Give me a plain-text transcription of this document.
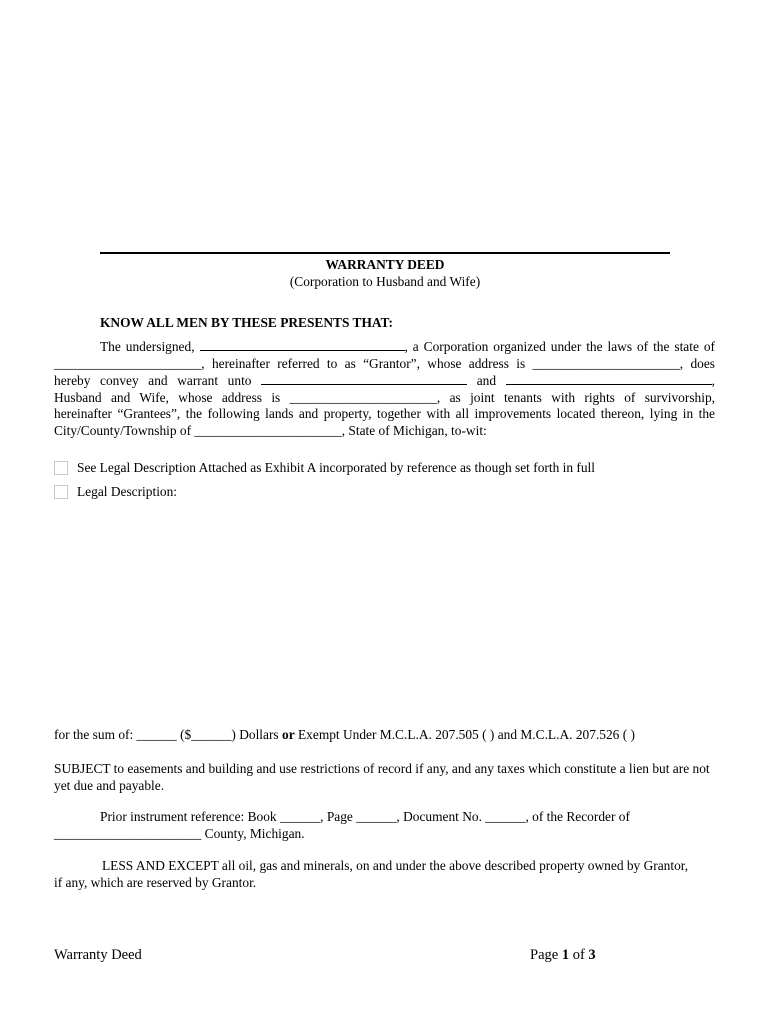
WARRANTY DEED
(Corporation to Husband and Wife)
KNOW ALL MEN BY THESE PRESENTS THAT:
The undersigned,	, a Corporation organized under the laws of the state of
______________________, hereinafter referred to as “Grantor”, whose address is ______________________, does
hereby convey and warrant unto	and	,
Husband and Wife, whose address is ______________________, as joint tenants with rights of survivorship,
hereinafter “Grantees”, the following lands and property, together with all improvements located thereon, lying in the
City/County/Township of ______________________, State of Michigan, to-wit:
See Legal Description Attached as Exhibit A incorporated by reference as though set forth in full
Legal Description:
for the sum of: ______ ($______) Dollars or Exempt Under M.C.L.A. 207.505 ( ) and M.C.L.A. 207.526 ( )
SUBJECT to easements and building and use restrictions of record if any, and any taxes which constitute a lien but are not yet due and payable.
Prior instrument reference: Book ______, Page ______, Document No. ______, of the Recorder of
______________________ County, Michigan.
LESS AND EXCEPT all oil, gas and minerals, on and under the above described property owned by Grantor,
if any, which are reserved by Grantor.
Warranty Deed	Page 1 of 3
